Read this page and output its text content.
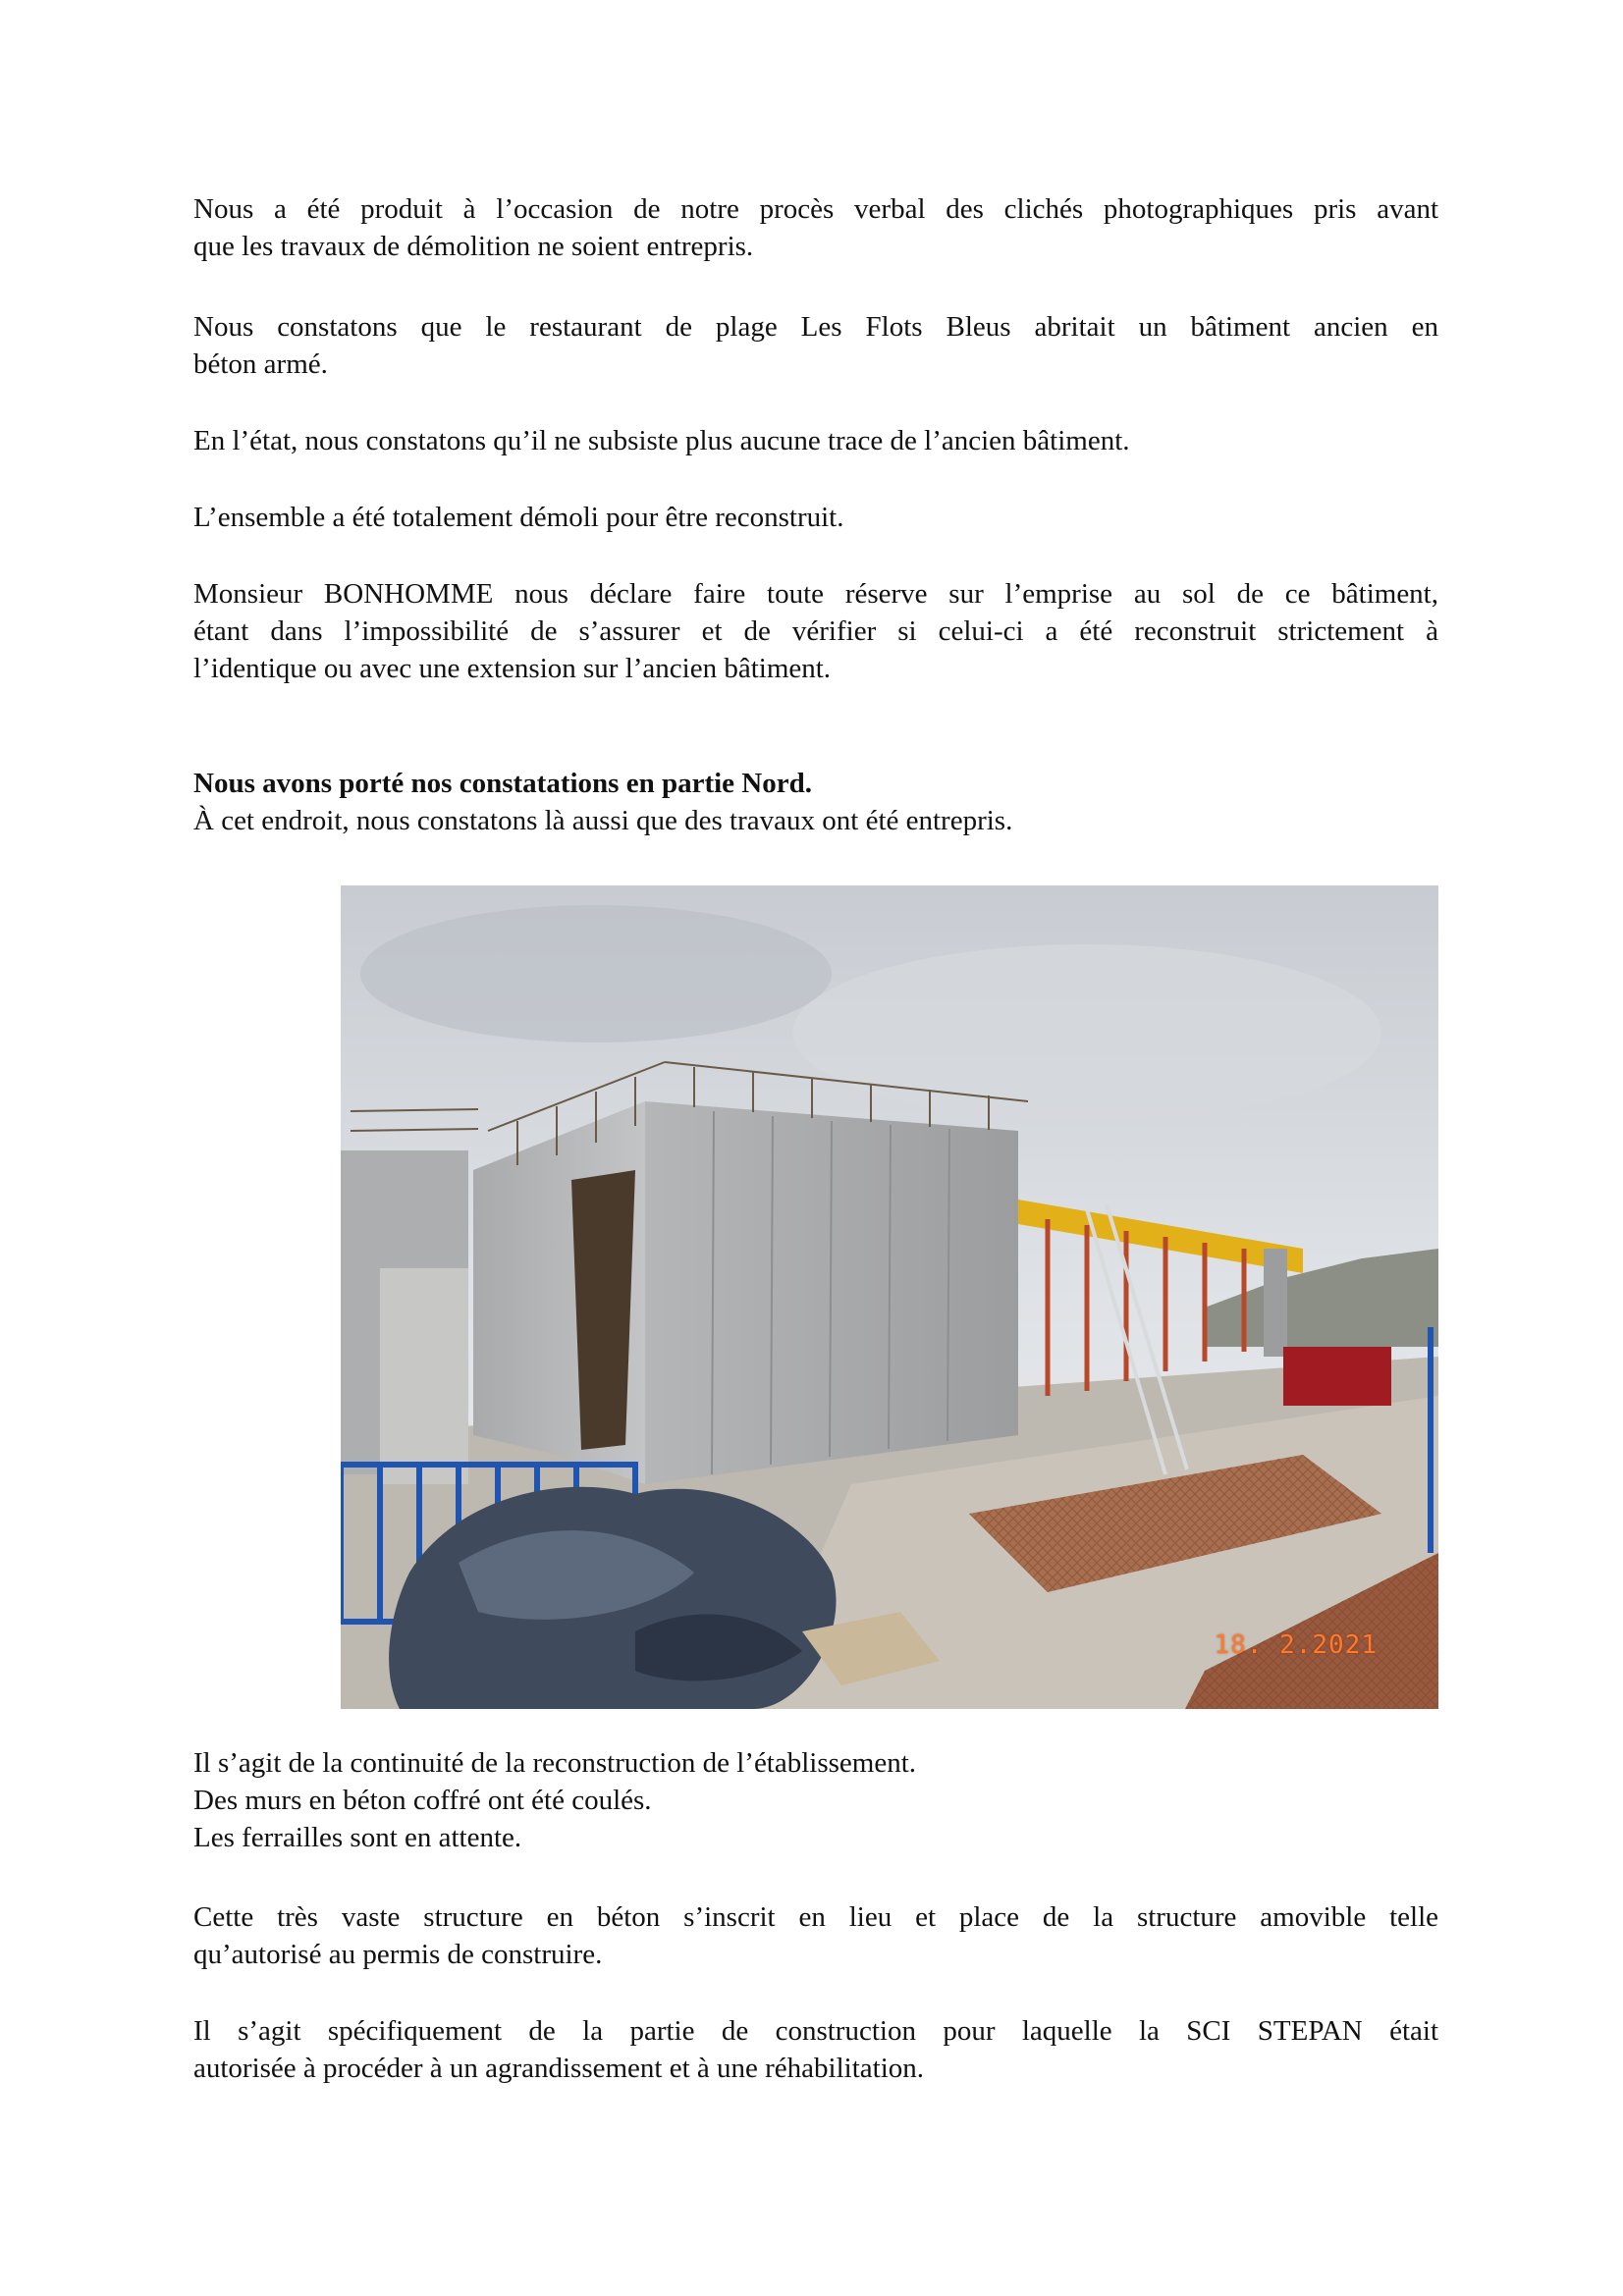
Nous a été produit à l’occasion de notre procès verbal des clichés photographiques pris avant
que les travaux de démolition ne soient entrepris.

Nous constatons que le restaurant de plage Les Flots Bleus abritait un bâtiment ancien en
béton armé.

En l’état, nous constatons qu’il ne subsiste plus aucune trace de l’ancien bâtiment.

L’ensemble a été totalement démoli pour être reconstruit.

Monsieur BONHOMME nous déclare faire toute réserve sur l’emprise au sol de ce bâtiment,
étant dans l’impossibilité de s’assurer et de vérifier si celui-ci a été reconstruit strictement à
l’identique ou avec une extension sur l’ancien bâtiment.

Nous avons porté nos constatations en partie Nord.
À cet endroit, nous constatons là aussi que des travaux ont été entrepris.

18. 2.2021

Il s’agit de la continuité de la reconstruction de l’établissement.
Des murs en béton coffré ont été coulés.
Les ferrailles sont en attente.

Cette très vaste structure en béton s’inscrit en lieu et place de la structure amovible telle
qu’autorisé au permis de construire.

Il s’agit spécifiquement de la partie de construction pour laquelle la SCI STEPAN était
autorisée à procéder à un agrandissement et à une réhabilitation.
